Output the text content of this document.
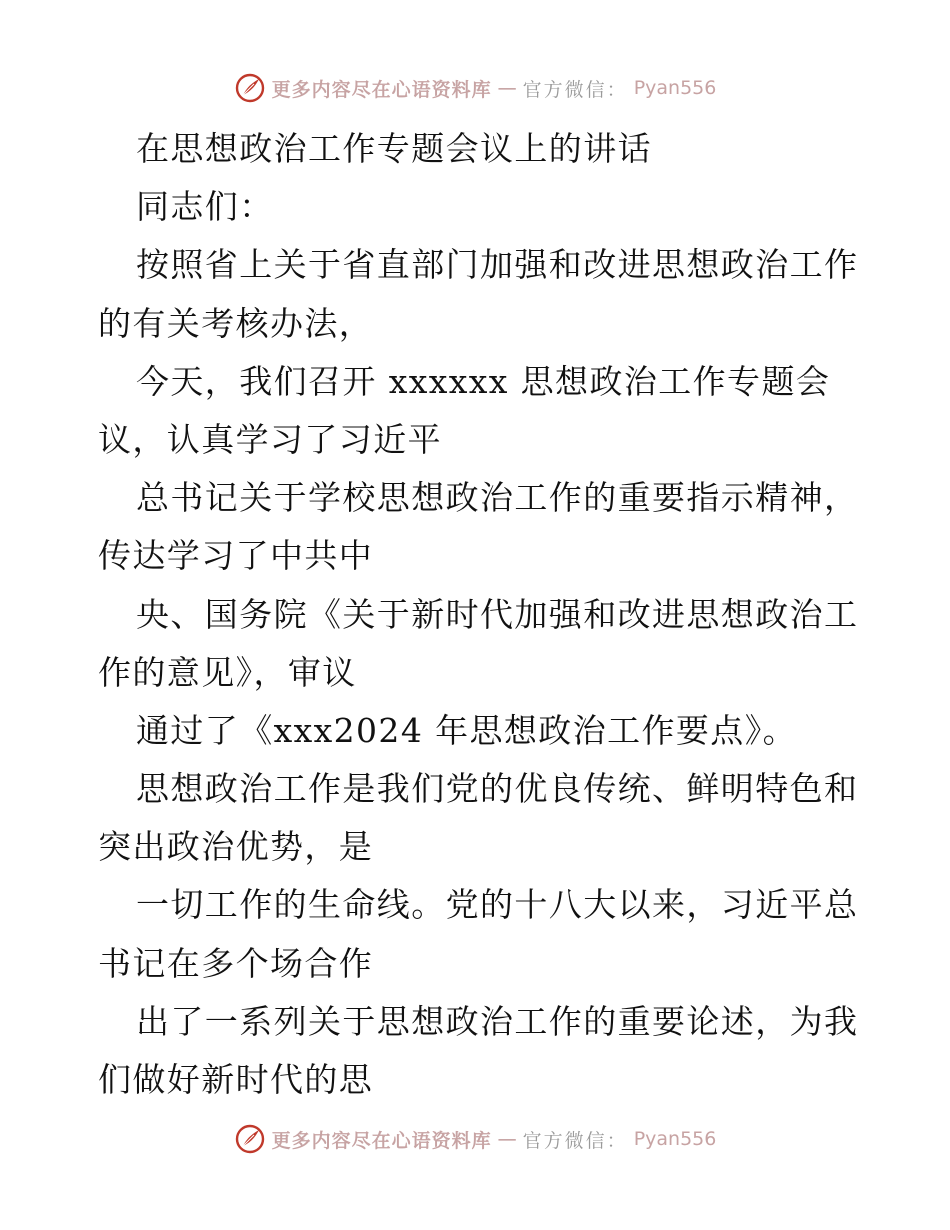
更多内容尽在心语资料库 — 官方微信： Pyan556
在思想政治工作专题会议上的讲话
同志们：
按照省上关于省直部门加强和改进思想政治工作
的有关考核办法，
今天，我们召开 xxxxxx 思想政治工作专题会
议，认真学习了习近平
总书记关于学校思想政治工作的重要指示精神，
传达学习了中共中
央、国务院《关于新时代加强和改进思想政治工
作的意见》，审议
通过了《xxx2024 年思想政治工作要点》。
思想政治工作是我们党的优良传统、鲜明特色和
突出政治优势，是
一切工作的生命线。党的十八大以来，习近平总
书记在多个场合作
出了一系列关于思想政治工作的重要论述，为我
们做好新时代的思
更多内容尽在心语资料库 — 官方微信： Pyan556
